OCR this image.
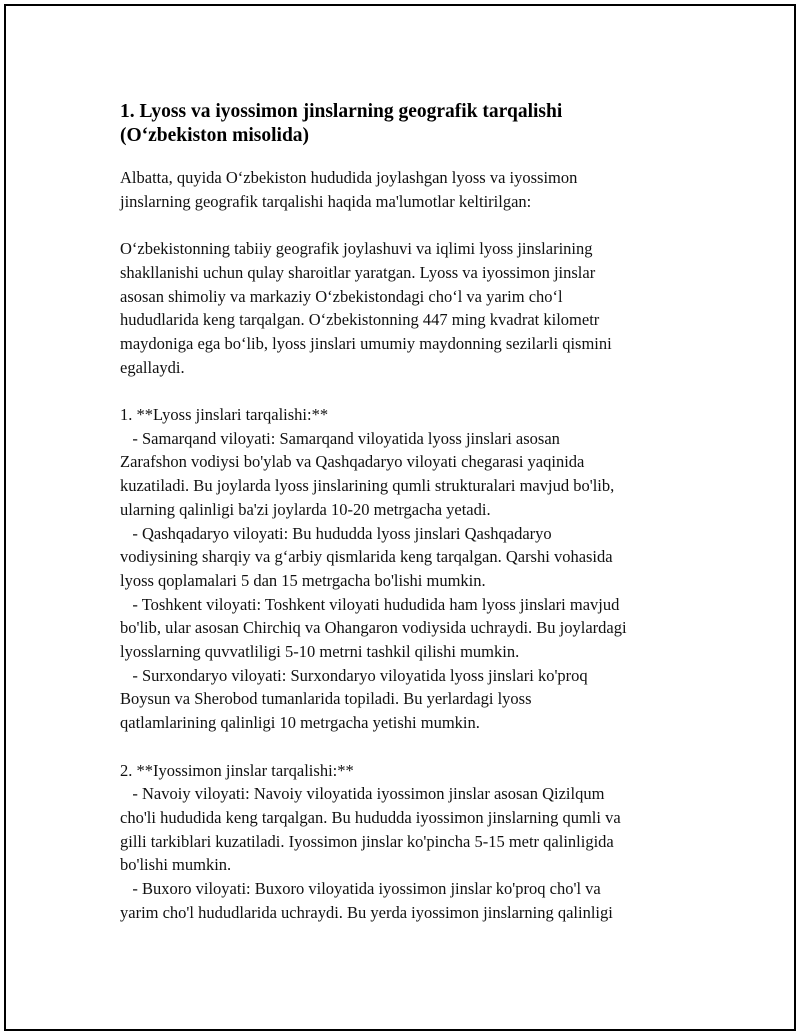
1. Lyoss va iyossimon jinslarning geografik tarqalishi
(O‘zbekiston misolida)

Albatta, quyida O‘zbekiston hududida joylashgan lyoss va iyossimon
jinslarning geografik tarqalishi haqida ma'lumotlar keltirilgan:

O‘zbekistonning tabiiy geografik joylashuvi va iqlimi lyoss jinslarining
shakllanishi uchun qulay sharoitlar yaratgan. Lyoss va iyossimon jinslar
asosan shimoliy va markaziy O‘zbekistondagi cho‘l va yarim cho‘l
hududlarida keng tarqalgan. O‘zbekistonning 447 ming kvadrat kilometr
maydoniga ega bo‘lib, lyoss jinslari umumiy maydonning sezilarli qismini
egallaydi.

1. **Lyoss jinslari tarqalishi:**
- Samarqand viloyati: Samarqand viloyatida lyoss jinslari asosan
Zarafshon vodiysi bo'ylab va Qashqadaryo viloyati chegarasi yaqinida
kuzatiladi. Bu joylarda lyoss jinslarining qumli strukturalari mavjud bo'lib,
ularning qalinligi ba'zi joylarda 10-20 metrgacha yetadi.
- Qashqadaryo viloyati: Bu hududda lyoss jinslari Qashqadaryo
vodiysining sharqiy va g‘arbiy qismlarida keng tarqalgan. Qarshi vohasida
lyoss qoplamalari 5 dan 15 metrgacha bo'lishi mumkin.
- Toshkent viloyati: Toshkent viloyati hududida ham lyoss jinslari mavjud
bo'lib, ular asosan Chirchiq va Ohangaron vodiysida uchraydi. Bu joylardagi
lyosslarning quvvatliligi 5-10 metrni tashkil qilishi mumkin.
- Surxondaryo viloyati: Surxondaryo viloyatida lyoss jinslari ko'proq
Boysun va Sherobod tumanlarida topiladi. Bu yerlardagi lyoss
qatlamlarining qalinligi 10 metrgacha yetishi mumkin.

2. **Iyossimon jinslar tarqalishi:**
- Navoiy viloyati: Navoiy viloyatida iyossimon jinslar asosan Qizilqum
cho'li hududida keng tarqalgan. Bu hududda iyossimon jinslarning qumli va
gilli tarkiblari kuzatiladi. Iyossimon jinslar ko'pincha 5-15 metr qalinligida
bo'lishi mumkin.
- Buxoro viloyati: Buxoro viloyatida iyossimon jinslar ko'proq cho'l va
yarim cho'l hududlarida uchraydi. Bu yerda iyossimon jinslarning qalinligi
